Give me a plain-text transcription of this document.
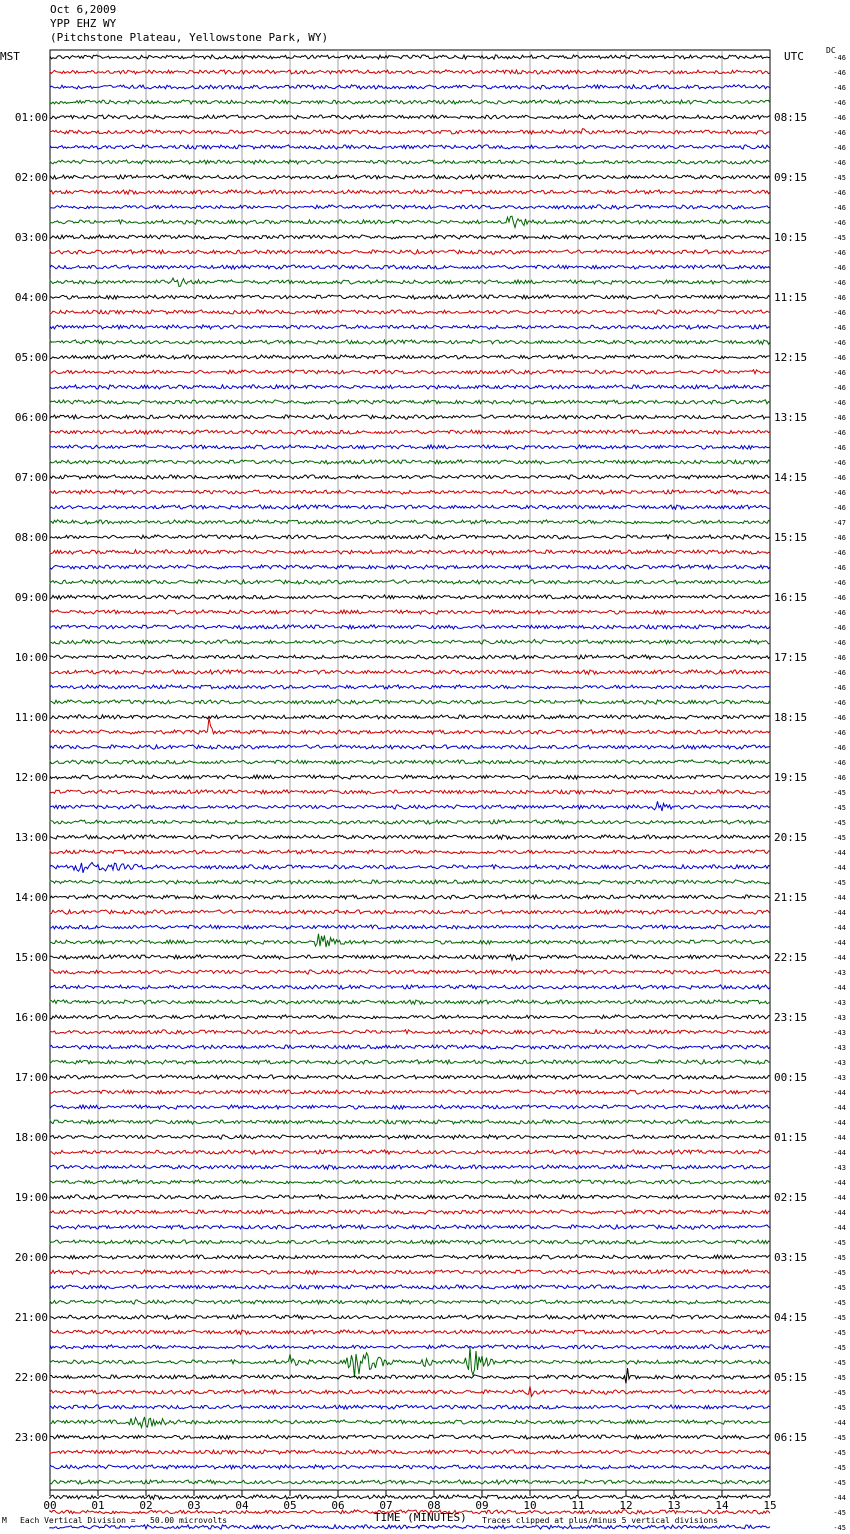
Oct 6,2009
YPP EHZ WY
(Pitchstone Plateau, Yellowstone Park, WY)
MST	UTC	DC
00	01	02	03	04	05	06	07	08	09	10	11	12	13	14	15
-46
-46
-46
-46
-46
-46
-46
-46
-45
-46
-46
-46
-45
-46
-46
-46
-46
-46
-46
-46
-46
-46
-46
-46
-46
-46
-46
-46
-46
-46
-46
-47
-46
-46
-46
-46
-46
-46
-46
-46
-46
-46
-46
-46
-46
-46
-46
-46
-46
-45
-45
-45
-45
-44
-44
-45
-44
-44
-44
-44
-44
-43
-44
-43
-43
-43
-43
-43
-43
-44
-44
-44
-44
-44
-43
-44
-44
-44
-44
-45
-45
-45
-45
-45
-45
-45
-45
-45
-45
-45
-45
-44
-45
-45
-45
-45
-44
-45
-45
01:00	08:15
02:00	09:15
03:00	10:15
04:00	11:15
05:00	12:15
06:00	13:15
07:00	14:15
08:00	15:15
09:00	16:15
10:00	17:15
11:00	18:15
12:00	19:15
13:00	20:15
14:00	21:15
15:00	22:15
16:00	23:15
17:00	00:15
18:00	01:15
19:00	02:15
20:00	03:15
21:00	04:15
22:00	05:15
23:00	06:15
M Each Vertical Division =   50.00 microvolts	TIME (MINUTES) Traces clipped at plus/minus 5 vertical divisions
